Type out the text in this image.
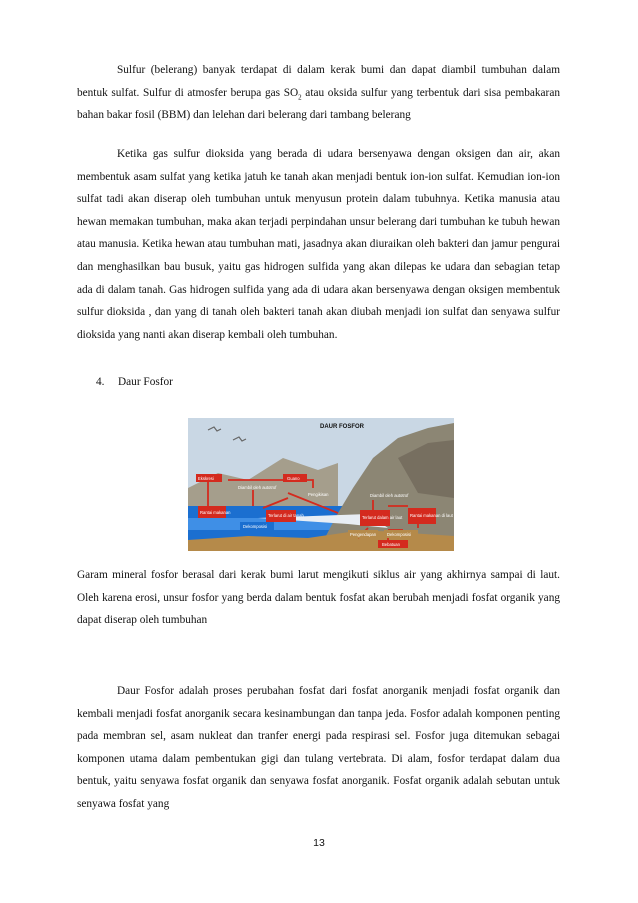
Sulfur (belerang) banyak terdapat di dalam kerak bumi dan dapat diambil tumbuhan dalam bentuk sulfat. Sulfur di atmosfer berupa gas $SO_2$ atau oksida sulfur yang terbentuk dari sisa pembakaran bahan bakar fosil (BBM) dan lelehan dari belerang dari tambang belerang

Ketika gas sulfur dioksida yang berada di udara bersenyawa dengan oksigen dan air, akan membentuk asam sulfat yang ketika jatuh ke tanah akan menjadi bentuk ion-ion sulfat. Kemudian ion-ion sulfat tadi akan diserap oleh tumbuhan untuk menyusun protein dalam tubuhnya. Ketika manusia atau hewan memakan tumbuhan, maka akan terjadi perpindahan unsur belerang dari tumbuhan ke tubuh hewan atau manusia. Ketika hewan atau tumbuhan mati, jasadnya akan diuraikan oleh bakteri dan jamur pengurai dan menghasilkan bau busuk, yaitu gas hidrogen sulfida yang akan dilepas ke udara dan sebagian tetap ada di dalam tanah. Gas hidrogen sulfida yang ada di udara akan bersenyawa dengan oksigen membentuk sulfur dioksida , dan yang di tanah oleh bakteri tanah akan diubah menjadi ion sulfat dan senyawa sulfur dioksida yang nanti akan diserap kembali oleh tumbuhan.

4. Daur Fosfor
DAUR FOSFOR
Ekskresi	Guano
Diambil oleh autotrof
Rantai makanan
Terlarut di air tanah
Dekomposisi
Pengikisan	Diambil oleh autotrof
Terlarut dalam air laut Rantai makanan di laut
Pengendapan	Dekomposisi
Bebatuan

Garam mineral fosfor berasal dari kerak bumi larut mengikuti siklus air yang akhirnya sampai di laut. Oleh karena erosi, unsur fosfor yang berda dalam bentuk fosfat akan berubah menjadi fosfat organik yang dapat diserap oleh tumbuhan

Daur Fosfor adalah proses perubahan fosfat dari fosfat anorganik menjadi fosfat organik dan kembali menjadi fosfat anorganik secara kesinambungan dan tanpa jeda. Fosfor adalah komponen penting pada membran sel, asam nukleat dan tranfer energi pada respirasi sel. Fosfor juga ditemukan sebagai komponen utama dalam pembentukan gigi dan tulang vertebrata. Di alam, fosfor terdapat dalam dua bentuk, yaitu senyawa fosfat organik dan senyawa fosfat anorganik. Fosfat organik adalah sebutan untuk senyawa fosfat yang

13
